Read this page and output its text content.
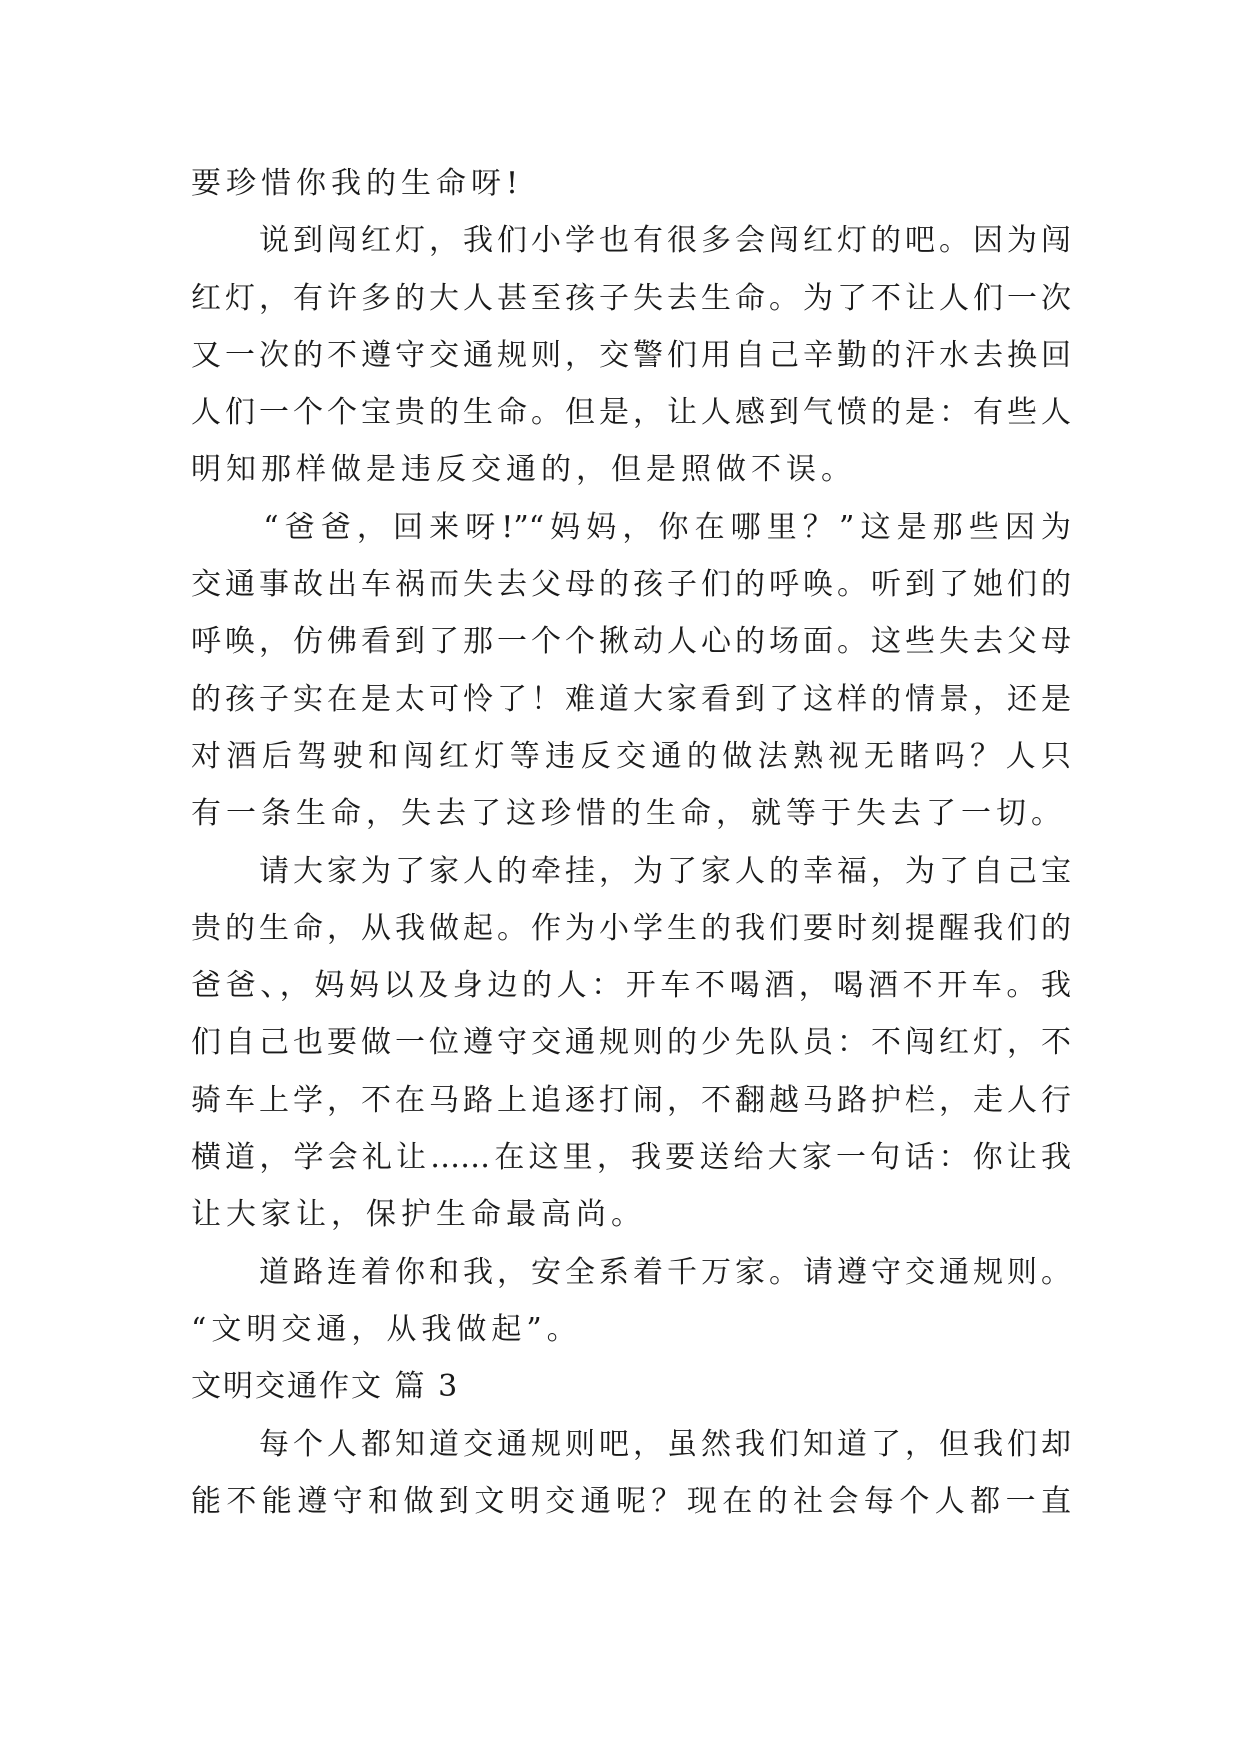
要珍惜你我的生命呀!
　　说到闯红灯，我们小学也有很多会闯红灯的吧。因为闯
红灯，有许多的大人甚至孩子失去生命。为了不让人们一次
又一次的不遵守交通规则，交警们用自己辛勤的汗水去换回
人们一个个宝贵的生命。但是，让人感到气愤的是：有些人
明知那样做是违反交通的，但是照做不误。
　　“爸爸，回来呀!”“妈妈，你在哪里？”这是那些因为
交通事故出车祸而失去父母的孩子们的呼唤。听到了她们的
呼唤，仿佛看到了那一个个揪动人心的场面。这些失去父母
的孩子实在是太可怜了！难道大家看到了这样的情景，还是
对酒后驾驶和闯红灯等违反交通的做法熟视无睹吗？人只
有一条生命，失去了这珍惜的生命，就等于失去了一切。
　　请大家为了家人的牵挂，为了家人的幸福，为了自己宝
贵的生命，从我做起。作为小学生的我们要时刻提醒我们的
爸爸、，妈妈以及身边的人：开车不喝酒，喝酒不开车。我
们自己也要做一位遵守交通规则的少先队员：不闯红灯，不
骑车上学，不在马路上追逐打闹，不翻越马路护栏，走人行
横道，学会礼让……在这里，我要送给大家一句话：你让我
让大家让，保护生命最高尚。
　　道路连着你和我，安全系着千万家。请遵守交通规则。
“文明交通，从我做起”。
文明交通作文 篇 3
　　每个人都知道交通规则吧，虽然我们知道了，但我们却
能不能遵守和做到文明交通呢？现在的社会每个人都一直
